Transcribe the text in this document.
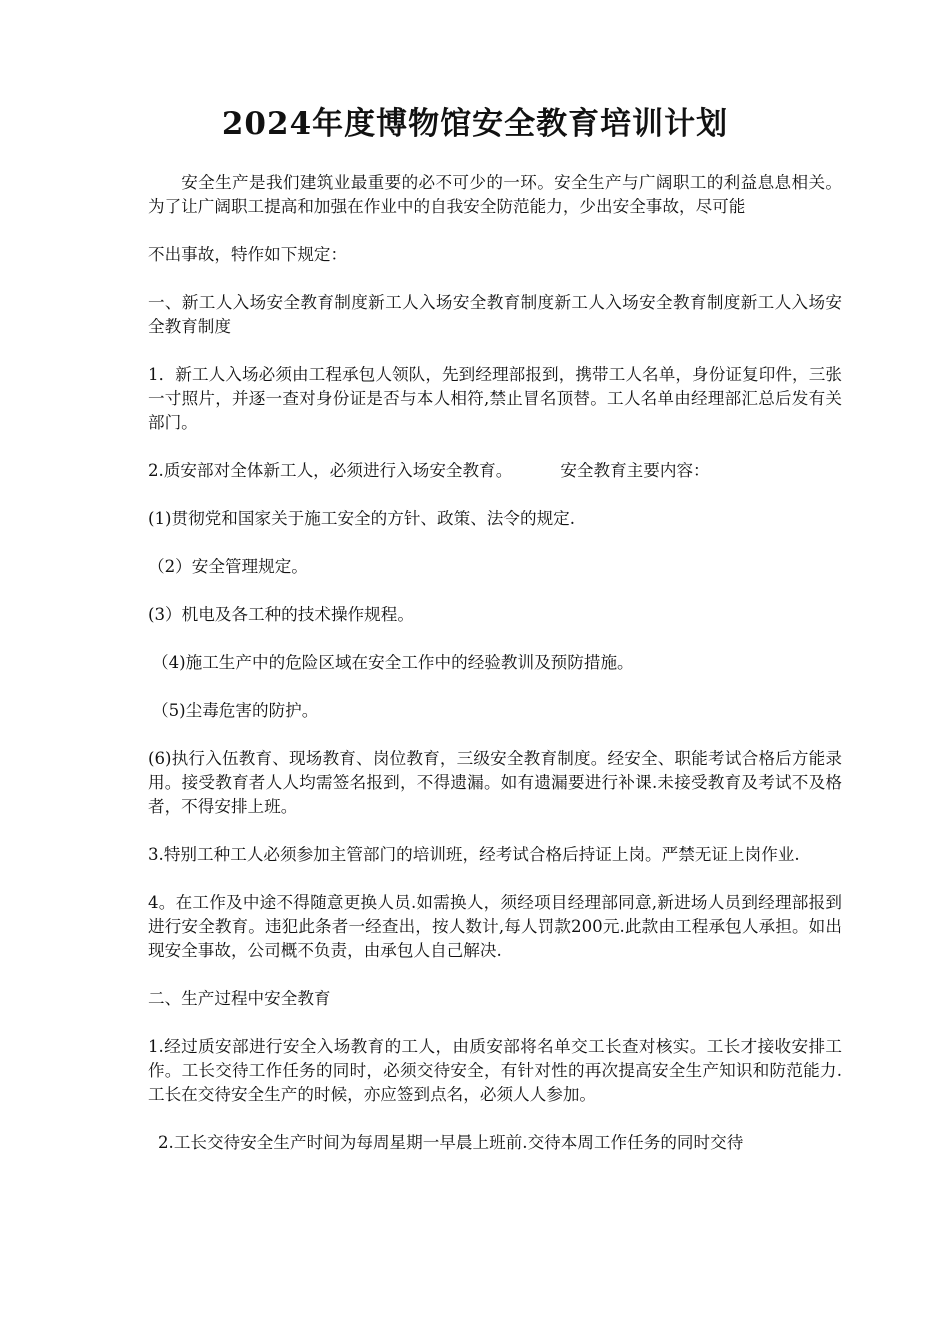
2024年度博物馆安全教育培训计划

安全生产是我们建筑业最重要的必不可少的一环。安全生产与广阔职工的利益息息相关。为了让广阔职工提高和加强在作业中的自我安全防范能力，少出安全事故，尽可能

不出事故，特作如下规定：

一、新工人入场安全教育制度新工人入场安全教育制度新工人入场安全教育制度新工人入场安全教育制度

1．新工人入场必须由工程承包人领队，先到经理部报到，携带工人名单，身份证复印件，三张一寸照片，并逐一查对身份证是否与本人相符,禁止冒名顶替。工人名单由经理部汇总后发有关部门。

2.质安部对全体新工人，必须进行入场安全教育。	安全教育主要内容：

(1)贯彻党和国家关于施工安全的方针、政策、法令的规定.

（2）安全管理规定。

(3）机电及各工种的技术操作规程。

（4)施工生产中的危险区域在安全工作中的经验教训及预防措施。

（5)尘毒危害的防护。

(6)执行入伍教育、现场教育、岗位教育，三级安全教育制度。经安全、职能考试合格后方能录用。接受教育者人人均需签名报到，不得遗漏。如有遗漏要进行补课.未接受教育及考试不及格者，不得安排上班。

3.特别工种工人必须参加主管部门的培训班，经考试合格后持证上岗。严禁无证上岗作业.

4。在工作及中途不得随意更换人员.如需换人，须经项目经理部同意,新进场人员到经理部报到进行安全教育。违犯此条者一经查出，按人数计,每人罚款200元.此款由工程承包人承担。如出现安全事故，公司概不负责，由承包人自己解决.

二、生产过程中安全教育

1.经过质安部进行安全入场教育的工人，由质安部将名单交工长查对核实。工长才接收安排工作。工长交待工作任务的同时，必须交待安全，有针对性的再次提高安全生产知识和防范能力.工长在交待安全生产的时候，亦应签到点名，必须人人参加。

2.工长交待安全生产时间为每周星期一早晨上班前.交待本周工作任务的同时交待
